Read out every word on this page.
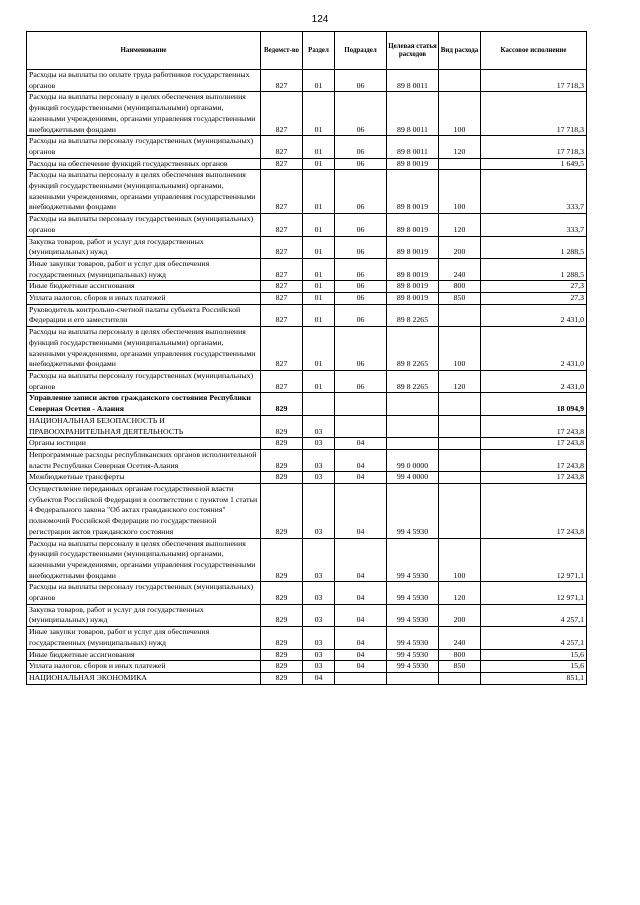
124
Наименование	Ведомст-во	Раздел	Подраздел	Целевая статья расходов	Вид расхода	Кассовое исполнение
Расходы на выплаты по оплате труда работников государственных органов	827	01	06	89 8 0011		17 718,3
Расходы на выплаты персоналу в целях обеспечения выполнения функций государственными (муниципальными) органами, казенными учреждениями, органами управления государственными внебюджетными фондами	827	01	06	89 8 0011	100	17 718,3
Расходы на выплаты персоналу государственных (муниципальных) органов	827	01	06	89 8 0011	120	17 718,3
Расходы на обеспечение функций государственных органов	827	01	06	89 8 0019		1 649,5
Расходы на выплаты персоналу в целях обеспечения выполнения функций государственными (муниципальными) органами, казенными учреждениями, органами управления государственными внебюджетными фондами	827	01	06	89 8 0019	100	333,7
Расходы на выплаты персоналу государственных (муниципальных) органов	827	01	06	89 8 0019	120	333,7
Закупка товаров, работ и услуг для государственных (муниципальных) нужд	827	01	06	89 8 0019	200	1 288,5
Иные закупки товаров, работ и услуг для обеспечения государственных (муниципальных) нужд	827	01	06	89 8 0019	240	1 288,5
Иные бюджетные ассигнования	827	01	06	89 8 0019	800	27,3
Уплата налогов, сборов и иных платежей	827	01	06	89 8 0019	850	27,3
Руководитель контрольно-счетной палаты субъекта Российской Федерации и его заместители	827	01	06	89 8 2265		2 431,0
Расходы на выплаты персоналу в целях обеспечения выполнения функций государственными (муниципальными) органами, казенными учреждениями, органами управления государственными внебюджетными фондами	827	01	06	89 8 2265	100	2 431,0
Расходы на выплаты персоналу государственных (муниципальных) органов	827	01	06	89 8 2265	120	2 431,0
Управление записи актов гражданского состояния Республики Северная Осетия - Алания	829					18 094,9
НАЦИОНАЛЬНАЯ БЕЗОПАСНОСТЬ И ПРАВООХРАНИТЕЛЬНАЯ ДЕЯТЕЛЬНОСТЬ	829	03				17 243,8
Органы юстиции	829	03	04			17 243,8
Непрограммные расходы республиканских органов исполнительной власти Республики Северная Осетия-Алания	829	03	04	99 0 0000		17 243,8
Межбюджетные трансферты	829	03	04	99 4 0000		17 243,8
Осуществление переданных органам государственной власти субъектов Российской Федерации в соответствии с пунктом 1 статьи 4 Федерального закона "Об актах гражданского состояния" полномочий Российской Федерации по государственной регистрации актов гражданского состояния	829	03	04	99 4 5930		17 243,8
Расходы на выплаты персоналу в целях обеспечения выполнения функций государственными (муниципальными) органами, казенными учреждениями, органами управления государственными внебюджетными фондами	829	03	04	99 4 5930	100	12 971,1
Расходы на выплаты персоналу государственных (муниципальных) органов	829	03	04	99 4 5930	120	12 971,1
Закупка товаров, работ и услуг для государственных (муниципальных) нужд	829	03	04	99 4 5930	200	4 257,1
Иные закупки товаров, работ и услуг для обеспечения государственных (муниципальных) нужд	829	03	04	99 4 5930	240	4 257,1
Иные бюджетные ассигнования	829	03	04	99 4 5930	800	15,6
Уплата налогов, сборов и иных платежей	829	03	04	99 4 5930	850	15,6
НАЦИОНАЛЬНАЯ ЭКОНОМИКА	829	04				851,1
